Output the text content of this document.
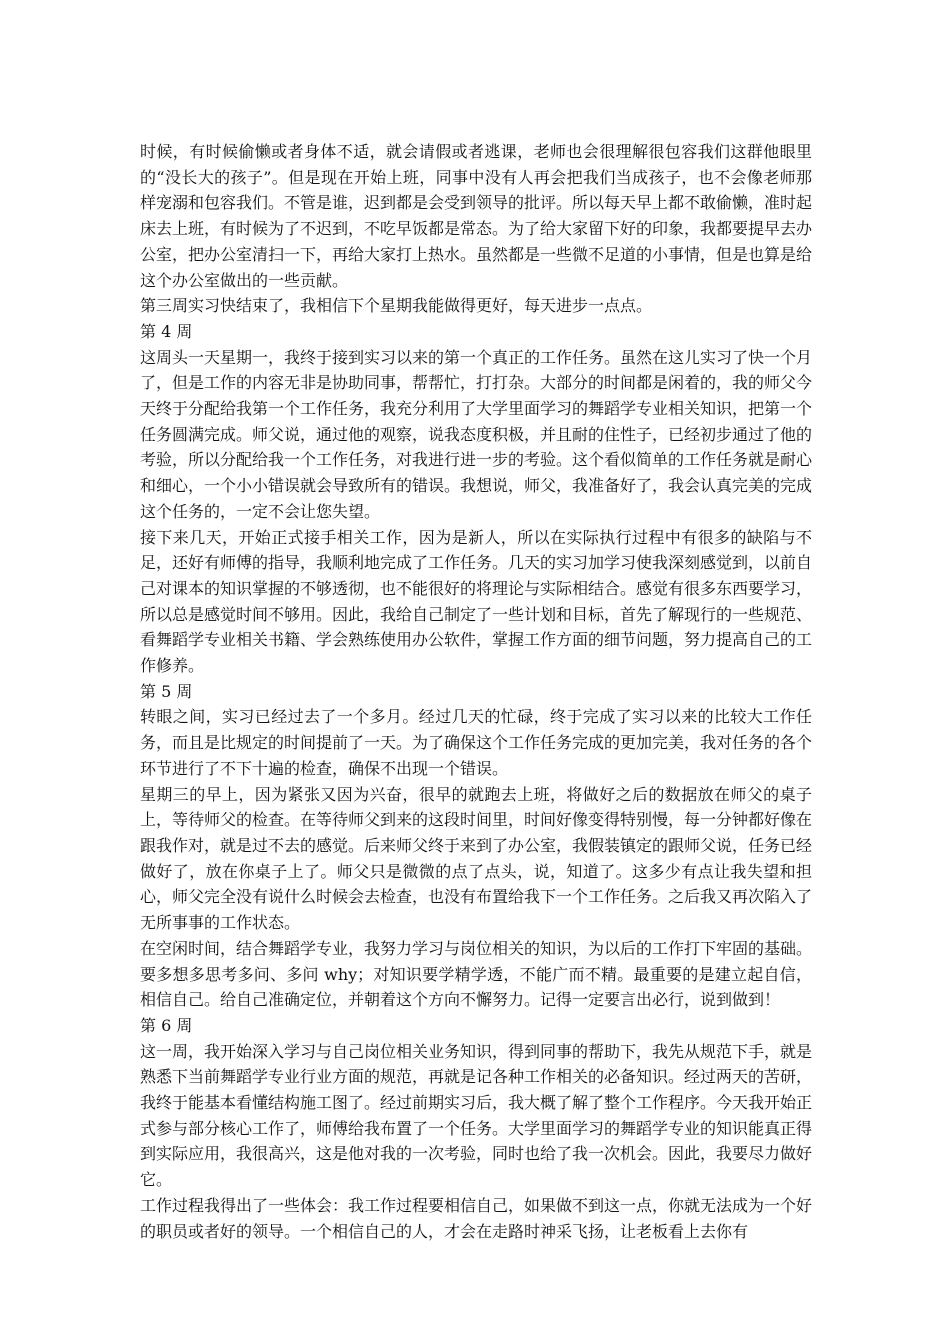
时候，有时候偷懒或者身体不适，就会请假或者逃课，老师也会很理解很包容我们这群他眼里的“没长大的孩子”。但是现在开始上班，同事中没有人再会把我们当成孩子，也不会像老师那样宠溺和包容我们。不管是谁，迟到都是会受到领导的批评。所以每天早上都不敢偷懒，准时起床去上班，有时候为了不迟到，不吃早饭都是常态。为了给大家留下好的印象，我都要提早去办公室，把办公室清扫一下，再给大家打上热水。虽然都是一些微不足道的小事情，但是也算是给这个办公室做出的一些贡献。

第三周实习快结束了，我相信下个星期我能做得更好，每天进步一点点。

第 4 周

这周头一天星期一，我终于接到实习以来的第一个真正的工作任务。虽然在这儿实习了快一个月了，但是工作的内容无非是协助同事，帮帮忙，打打杂。大部分的时间都是闲着的，我的师父今天终于分配给我第一个工作任务，我充分利用了大学里面学习的舞蹈学专业相关知识，把第一个任务圆满完成。师父说，通过他的观察，说我态度积极，并且耐的住性子，已经初步通过了他的考验，所以分配给我一个工作任务，对我进行进一步的考验。这个看似简单的工作任务就是耐心和细心，一个小小错误就会导致所有的错误。我想说，师父，我准备好了，我会认真完美的完成这个任务的，一定不会让您失望。

接下来几天，开始正式接手相关工作，因为是新人，所以在实际执行过程中有很多的缺陷与不足，还好有师傅的指导，我顺利地完成了工作任务。几天的实习加学习使我深刻感觉到，以前自己对课本的知识掌握的不够透彻，也不能很好的将理论与实际相结合。感觉有很多东西要学习，所以总是感觉时间不够用。因此，我给自己制定了一些计划和目标，首先了解现行的一些规范、看舞蹈学专业相关书籍、学会熟练使用办公软件，掌握工作方面的细节问题，努力提高自己的工作修养。

第 5 周

转眼之间，实习已经过去了一个多月。经过几天的忙碌，终于完成了实习以来的比较大工作任务，而且是比规定的时间提前了一天。为了确保这个工作任务完成的更加完美，我对任务的各个环节进行了不下十遍的检查，确保不出现一个错误。

星期三的早上，因为紧张又因为兴奋，很早的就跑去上班，将做好之后的数据放在师父的桌子上，等待师父的检查。在等待师父到来的这段时间里，时间好像变得特别慢，每一分钟都好像在跟我作对，就是过不去的感觉。后来师父终于来到了办公室，我假装镇定的跟师父说，任务已经做好了，放在你桌子上了。师父只是微微的点了点头，说，知道了。这多少有点让我失望和担心，师父完全没有说什么时候会去检查，也没有布置给我下一个工作任务。之后我又再次陷入了无所事事的工作状态。

在空闲时间，结合舞蹈学专业，我努力学习与岗位相关的知识，为以后的工作打下牢固的基础。要多想多思考多问、多问 why；对知识要学精学透，不能广而不精。最重要的是建立起自信，相信自己。给自己准确定位，并朝着这个方向不懈努力。记得一定要言出必行，说到做到！

第 6 周

这一周，我开始深入学习与自己岗位相关业务知识，得到同事的帮助下，我先从规范下手，就是熟悉下当前舞蹈学专业行业方面的规范，再就是记各种工作相关的必备知识。经过两天的苦研，我终于能基本看懂结构施工图了。经过前期实习后，我大概了解了整个工作程序。今天我开始正式参与部分核心工作了，师傅给我布置了一个任务。大学里面学习的舞蹈学专业的知识能真正得到实际应用，我很高兴，这是他对我的一次考验，同时也给了我一次机会。因此，我要尽力做好它。

工作过程我得出了一些体会：我工作过程要相信自己，如果做不到这一点，你就无法成为一个好的职员或者好的领导。一个相信自己的人，才会在走路时神采飞扬，让老板看上去你有
